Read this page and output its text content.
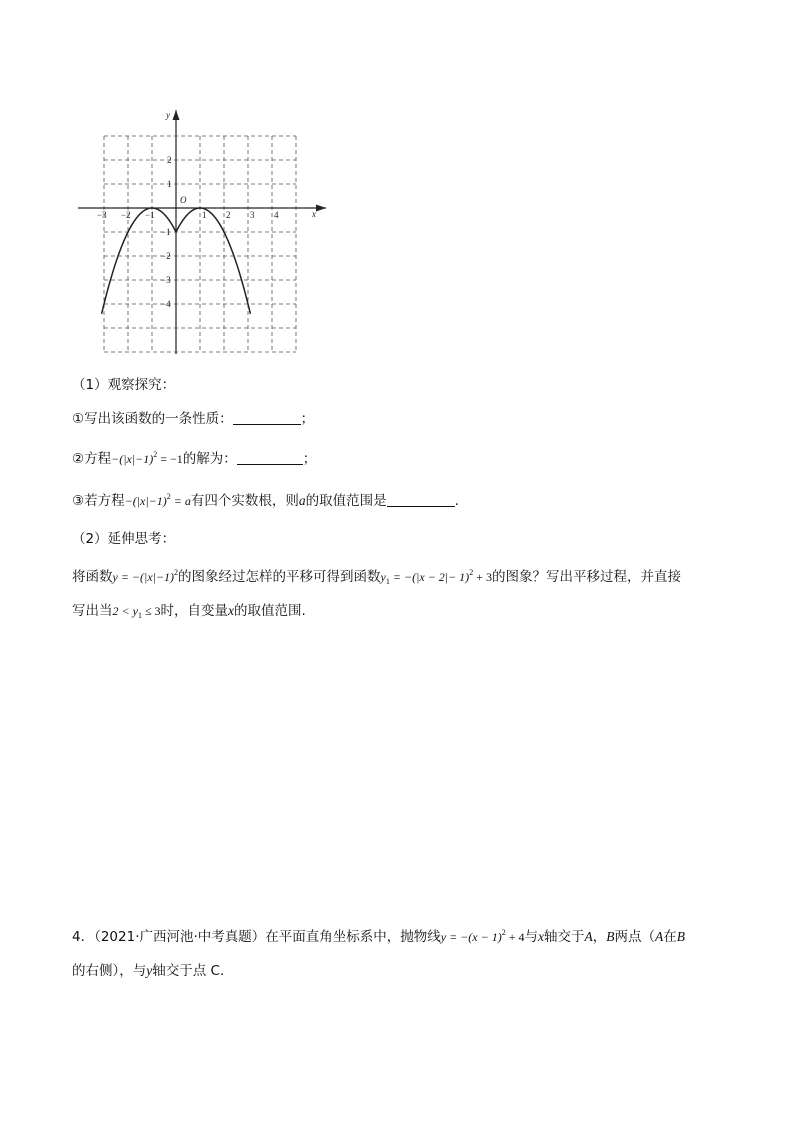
−3 −2 −1	1 2 3 4
2
1
−1
−2
−3
−4
x
y
O
（1）观察探究：
①写出该函数的一条性质：	；
②方程$-(|x|-1)^2 = -1$的解为：	；
③若方程$-(|x|-1)^2 = a$有四个实数根，则a的取值范围是	.
（2）延伸思考：
将函数$y = -(|x|-1)^2$的图象经过怎样的平移可得到函数$y_1 = -(|x - 2|- 1)^2 + 3$的图象？写出平移过程，并直接
写出当$2 < y_1 \le 3$时，自变量x的取值范围.
4．（2021·广西河池·中考真题）在平面直角坐标系中，抛物线$y = -(x - 1)^2 + 4$与x轴交于A，B两点（A在B
的右侧），与y轴交于点 C.
